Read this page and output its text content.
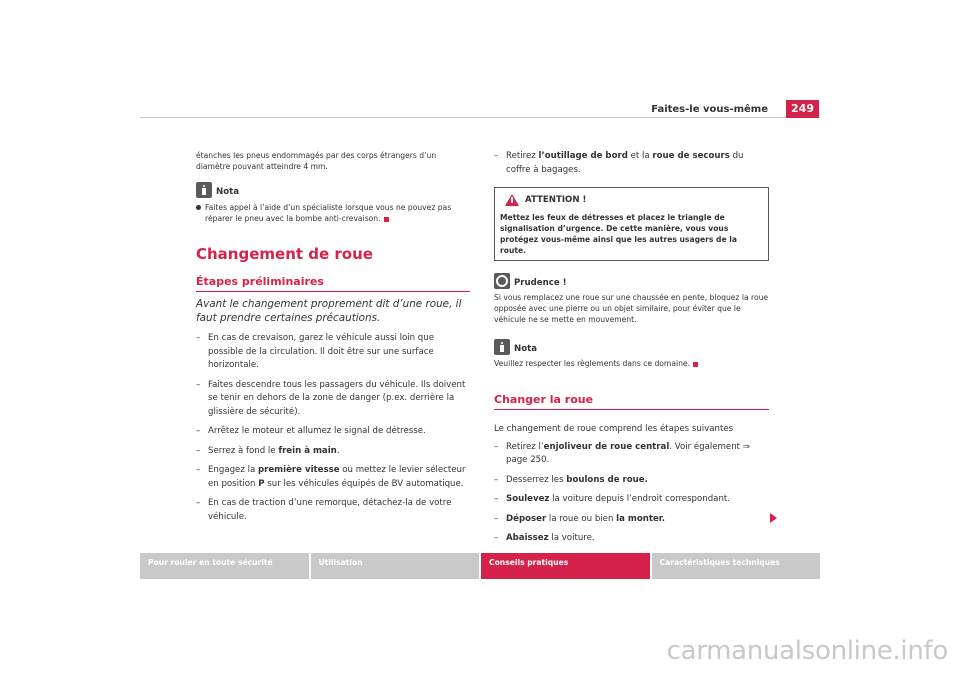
Faites-le vous-même	249

étanches les pneus endommagés par des corps étrangers d’un diamètre pouvant atteindre 4 mm.

Nota

Faites appel à l’aide d’un spécialiste lorsque vous ne pouvez pas réparer le pneu avec la bombe anti-crevaison.

Changement de roue
Étapes préliminaires

Avant le changement proprement dit d’une roue, il faut prendre certaines précautions.

– En cas de crevaison, garez le véhicule aussi loin que possible de la circulation. Il doit être sur une surface horizontale.
– Faites descendre tous les passagers du véhicule. Ils doivent se tenir en dehors de la zone de danger (p.ex. derrière la glissière de sécurité).
– Arrêtez le moteur et allumez le signal de détresse.
– Serrez à fond le frein à main.
– Engagez la première vitesse ou mettez le levier sélecteur en position P sur les véhicules équipés de BV automatique.
– En cas de traction d’une remorque, détachez-la de votre véhicule.
– Retirez l’outillage de bord et la roue de secours du coffre à bagages.
ATTENTION !

Mettez les feux de détresses et placez le triangle de signalisation d’urgence. De cette manière, vous vous protégez vous-même ainsi que les autres usagers de la route.

Prudence !

Si vous remplacez une roue sur une chaussée en pente, bloquez la roue opposée avec une pierre ou un objet similaire, pour éviter que le véhicule ne se mette en mouvement.

Nota

Veuillez respecter les règlements dans ce domaine.

Changer la roue

Le changement de roue comprend les étapes suivantes

– Retirez l’enjoliveur de roue central. Voir également ⇒ page 250.
– Desserrez les boulons de roue.
– Soulevez la voiture depuis l’endroit correspondant.
– Déposer la roue ou bien la monter.
– Abaissez la voiture.
Pour rouler en toute sécurité	Utilisation	Conseils pratiques	Caractéristiques techniques
carmanualsonline.info
